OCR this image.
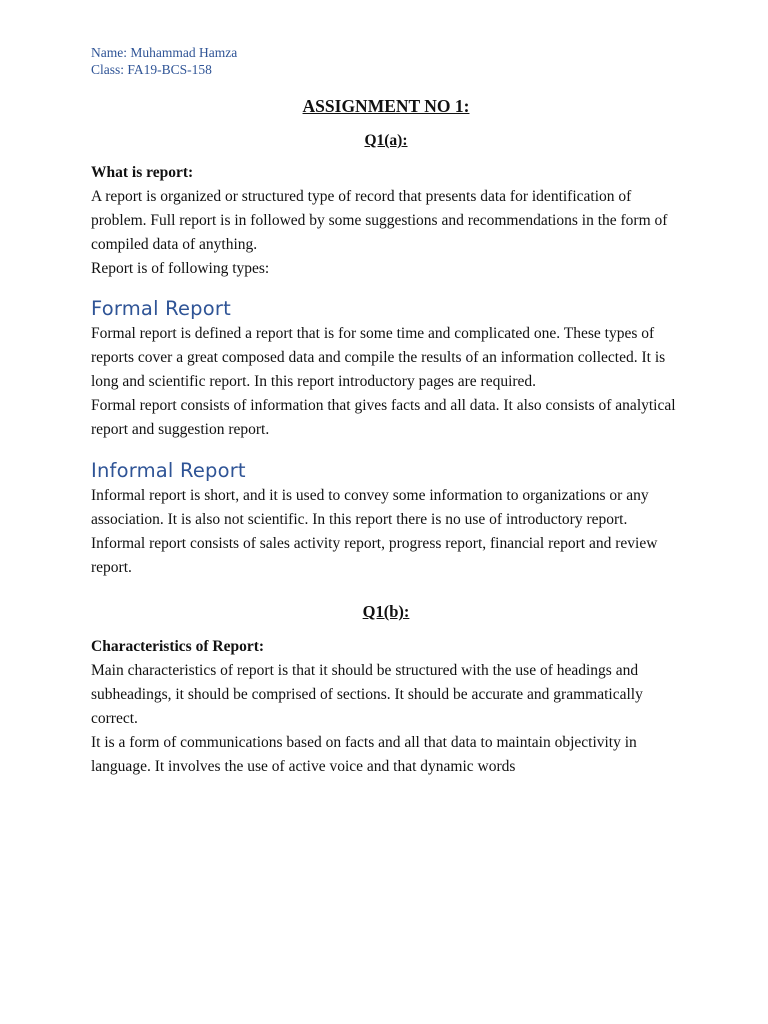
Name: Muhammad Hamza
Class: FA19-BCS-158
ASSIGNMENT NO 1:
Q1(a):
What is report:

A report is organized or structured type of record that presents data for identification of problem. Full report is in followed by some suggestions and recommendations in the form of compiled data of anything.

Report is of following types:

Formal Report

Formal report is defined a report that is for some time and complicated one. These types of reports cover a great composed data and compile the results of an information collected. It is long and scientific report. In this report introductory pages are required.

Formal report consists of information that gives facts and all data. It also consists of analytical report and suggestion report.

Informal Report

Informal report is short, and it is used to convey some information to organizations or any association. It is also not scientific. In this report there is no use of introductory report.

Informal report consists of sales activity report, progress report, financial report and review report.

Q1(b):
Characteristics of Report:

Main characteristics of report is that it should be structured with the use of headings and subheadings, it should be comprised of sections. It should be accurate and grammatically correct.

It is a form of communications based on facts and all that data to maintain objectivity in language. It involves the use of active voice and that dynamic words
